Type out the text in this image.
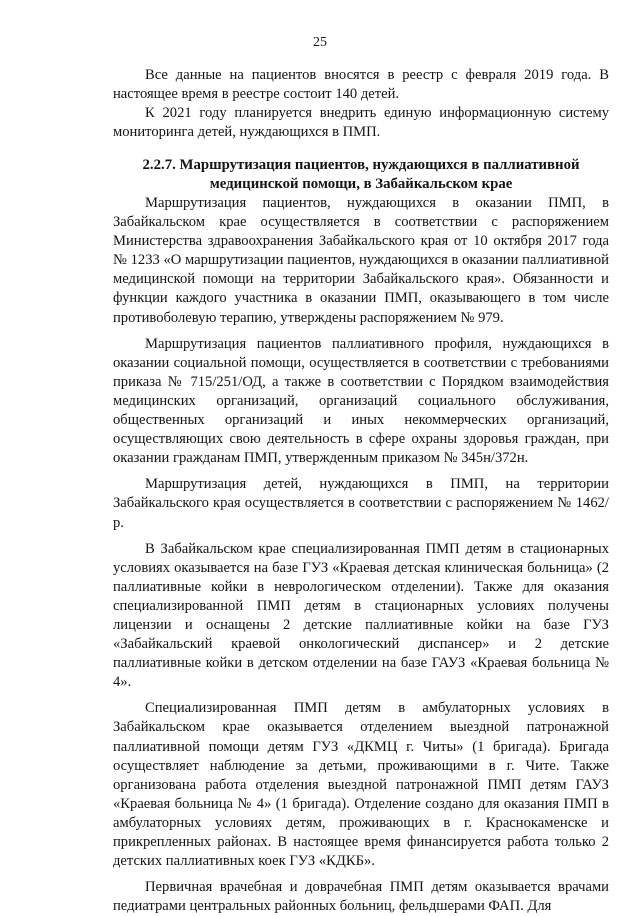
25

Все данные на пациентов вносятся в реестр с февраля 2019 года. В настоящее время в реестре состоит 140 детей.

К 2021 году планируется внедрить единую информационную систему мониторинга детей, нуждающихся в ПМП.

2.2.7. Маршрутизация пациентов, нуждающихся в паллиативной медицинской помощи, в Забайкальском крае

Маршрутизация пациентов, нуждающихся в оказании ПМП, в Забайкальском крае осуществляется в соответствии с распоряжением Министерства здравоохранения Забайкальского края от 10 октября 2017 года № 1233 «О маршрутизации пациентов, нуждающихся в оказании паллиативной медицинской помощи на территории Забайкальского края». Обязанности и функции каждого участника в оказании ПМП, оказывающего в том числе противоболевую терапию, утверждены распоряжением № 979.

Маршрутизация пациентов паллиативного профиля, нуждающихся в оказании социальной помощи, осуществляется в соответствии с требованиями приказа № 715/251/ОД, а также в соответствии с Порядком взаимодействия медицинских организаций, организаций социального обслуживания, общественных организаций и иных некоммерческих организаций, осуществляющих свою деятельность в сфере охраны здоровья граждан, при оказании гражданам ПМП, утвержденным приказом № 345н/372н.

Маршрутизация детей, нуждающихся в ПМП, на территории Забайкальского края осуществляется в соответствии с распоряжением № 1462/р.

В Забайкальском крае специализированная ПМП детям в стационарных условиях оказывается на базе ГУЗ «Краевая детская клиническая больница» (2 паллиативные койки в неврологическом отделении). Также для оказания специализированной ПМП детям в стационарных условиях получены лицензии и оснащены 2 детские паллиативные койки на базе ГУЗ «Забайкальский краевой онкологический диспансер» и 2 детские паллиативные койки в детском отделении на базе ГАУЗ «Краевая больница № 4».

Специализированная ПМП детям в амбулаторных условиях в Забайкальском крае оказывается отделением выездной патронажной паллиативной помощи детям ГУЗ «ДКМЦ г. Читы» (1 бригада). Бригада осуществляет наблюдение за детьми, проживающими в г. Чите. Также организована работа отделения выездной патронажной ПМП детям ГАУЗ «Краевая больница № 4» (1 бригада). Отделение создано для оказания ПМП в амбулаторных условиях детям, проживающих в г. Краснокаменске и прикрепленных районах. В настоящее время финансируется работа только 2 детских паллиативных коек ГУЗ «КДКБ».

Первичная врачебная и доврачебная ПМП детям оказывается врачами педиатрами центральных районных больниц, фельдшерами ФАП. Для
